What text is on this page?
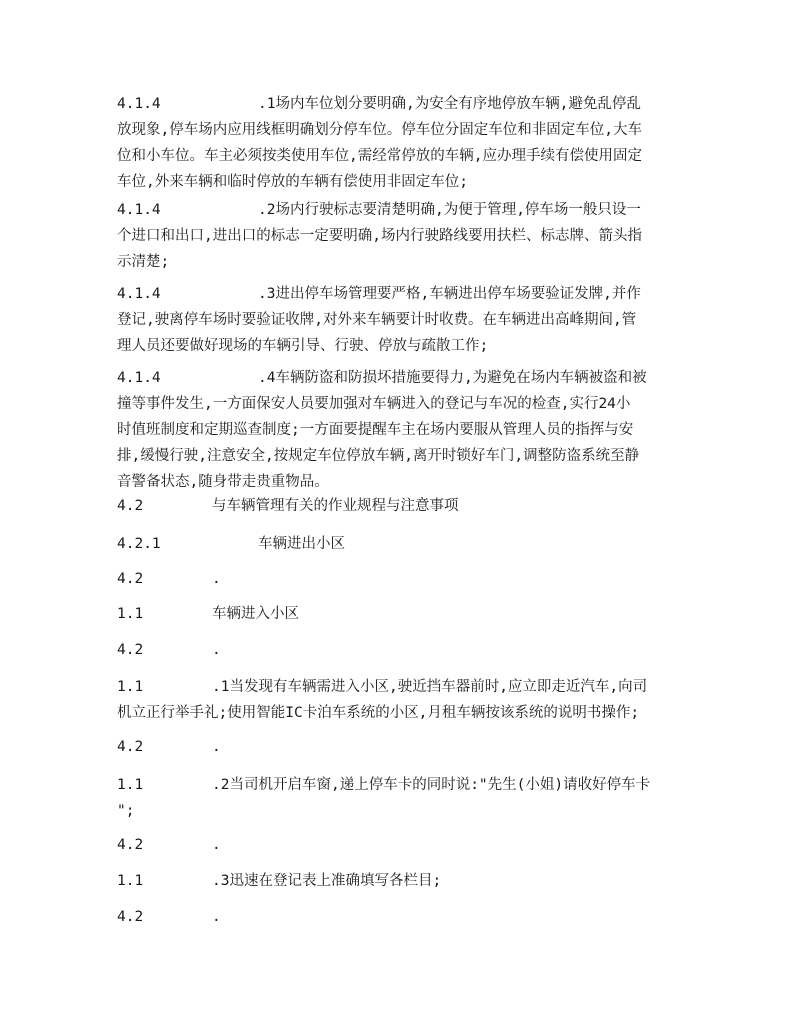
4.1.4	.1场内车位划分要明确,为安全有序地停放车辆,避免乱停乱
放现象,停车场内应用线框明确划分停车位。停车位分固定车位和非固定车位,大车
位和小车位。车主必须按类使用车位,需经常停放的车辆,应办理手续有偿使用固定
车位,外来车辆和临时停放的车辆有偿使用非固定车位;
4.1.4	.2场内行驶标志要清楚明确,为便于管理,停车场一般只设一
个进口和出口,进出口的标志一定要明确,场内行驶路线要用扶栏、标志牌、箭头指
示清楚;
4.1.4	.3进出停车场管理要严格,车辆进出停车场要验证发牌,并作
登记,驶离停车场时要验证收牌,对外来车辆要计时收费。在车辆进出高峰期间,管
理人员还要做好现场的车辆引导、行驶、停放与疏散工作;
4.1.4	.4车辆防盗和防损坏措施要得力,为避免在场内车辆被盗和被
撞等事件发生,一方面保安人员要加强对车辆进入的登记与车况的检查,实行24小
时值班制度和定期巡查制度;一方面要提醒车主在场内要服从管理人员的指挥与安
排,缓慢行驶,注意安全,按规定车位停放车辆,离开时锁好车门,调整防盗系统至静
音警备状态,随身带走贵重物品。
4.2	与车辆管理有关的作业规程与注意事项
4.2.1	车辆进出小区
4.2	.
1.1	车辆进入小区
4.2	.
1.1	.1当发现有车辆需进入小区,驶近挡车器前时,应立即走近汽车,向司
机立正行举手礼;使用智能IC卡泊车系统的小区,月租车辆按该系统的说明书操作;
4.2	.
1.1	.2当司机开启车窗,递上停车卡的同时说:"先生(小姐)请收好停车卡
";
4.2	.
1.1	.3迅速在登记表上准确填写各栏目;
4.2	.
